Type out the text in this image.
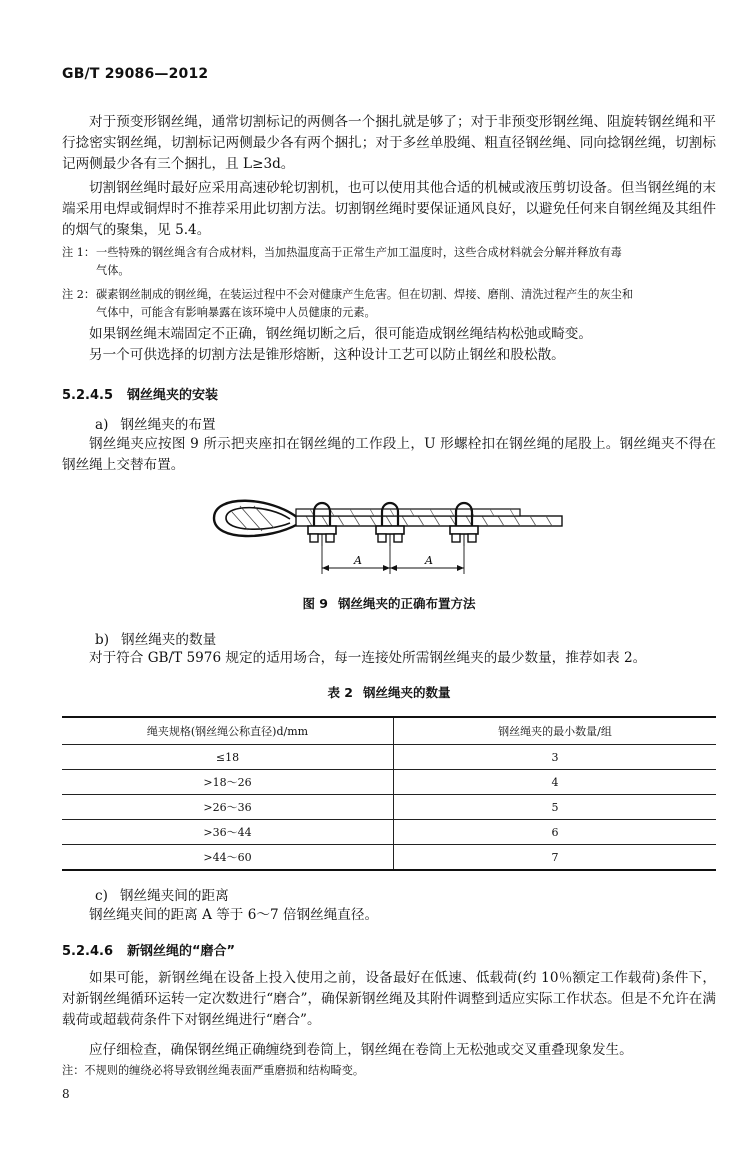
GB/T 29086—2012

对于预变形钢丝绳，通常切割标记的两侧各一个捆扎就是够了；对于非预变形钢丝绳、阻旋转钢丝绳和平行捻密实钢丝绳，切割标记两侧最少各有两个捆扎；对于多丝单股绳、粗直径钢丝绳、同向捻钢丝绳，切割标记两侧最少各有三个捆扎，且 L≥3d。

切割钢丝绳时最好应采用高速砂轮切割机，也可以使用其他合适的机械或液压剪切设备。但当钢丝绳的末端采用电焊或铜焊时不推荐采用此切割方法。切割钢丝绳时要保证通风良好，以避免任何来自钢丝绳及其组件的烟气的聚集，见 5.4。

注 1：一些特殊的钢丝绳含有合成材料，当加热温度高于正常生产加工温度时，这些合成材料就会分解并释放有毒
气体。
注 2：碳素钢丝制成的钢丝绳，在装运过程中不会对健康产生危害。但在切割、焊接、磨削、清洗过程产生的灰尘和
气体中，可能含有影响暴露在该环境中人员健康的元素。

如果钢丝绳末端固定不正确，钢丝绳切断之后，很可能造成钢丝绳结构松弛或畸变。

另一个可供选择的切割方法是锥形熔断，这种设计工艺可以防止钢丝和股松散。

5.2.4.5 钢丝绳夹的安装
a) 钢丝绳夹的布置

钢丝绳夹应按图 9 所示把夹座扣在钢丝绳的工作段上，U 形螺栓扣在钢丝绳的尾股上。钢丝绳夹不得在钢丝绳上交替布置。

A	A
图 9 钢丝绳夹的正确布置方法
b) 钢丝绳夹的数量

对于符合 GB/T 5976 规定的适用场合，每一连接处所需钢丝绳夹的最少数量，推荐如表 2。

表 2 钢丝绳夹的数量
绳夹规格(钢丝绳公称直径)d/mm	钢丝绳夹的最小数量/组
≤18	3
>18～26	4
>26～36	5
>36～44	6
>44～60	7
c) 钢丝绳夹间的距离

钢丝绳夹间的距离 A 等于 6～7 倍钢丝绳直径。

5.2.4.6 新钢丝绳的“磨合”

如果可能，新钢丝绳在设备上投入使用之前，设备最好在低速、低载荷(约 10％额定工作载荷)条件下，对新钢丝绳循环运转一定次数进行“磨合”，确保新钢丝绳及其附件调整到适应实际工作状态。但是不允许在满载荷或超载荷条件下对钢丝绳进行“磨合”。

应仔细检查，确保钢丝绳正确缠绕到卷筒上，钢丝绳在卷筒上无松弛或交叉重叠现象发生。

注：不规则的缠绕必将导致钢丝绳表面严重磨损和结构畸变。
8
